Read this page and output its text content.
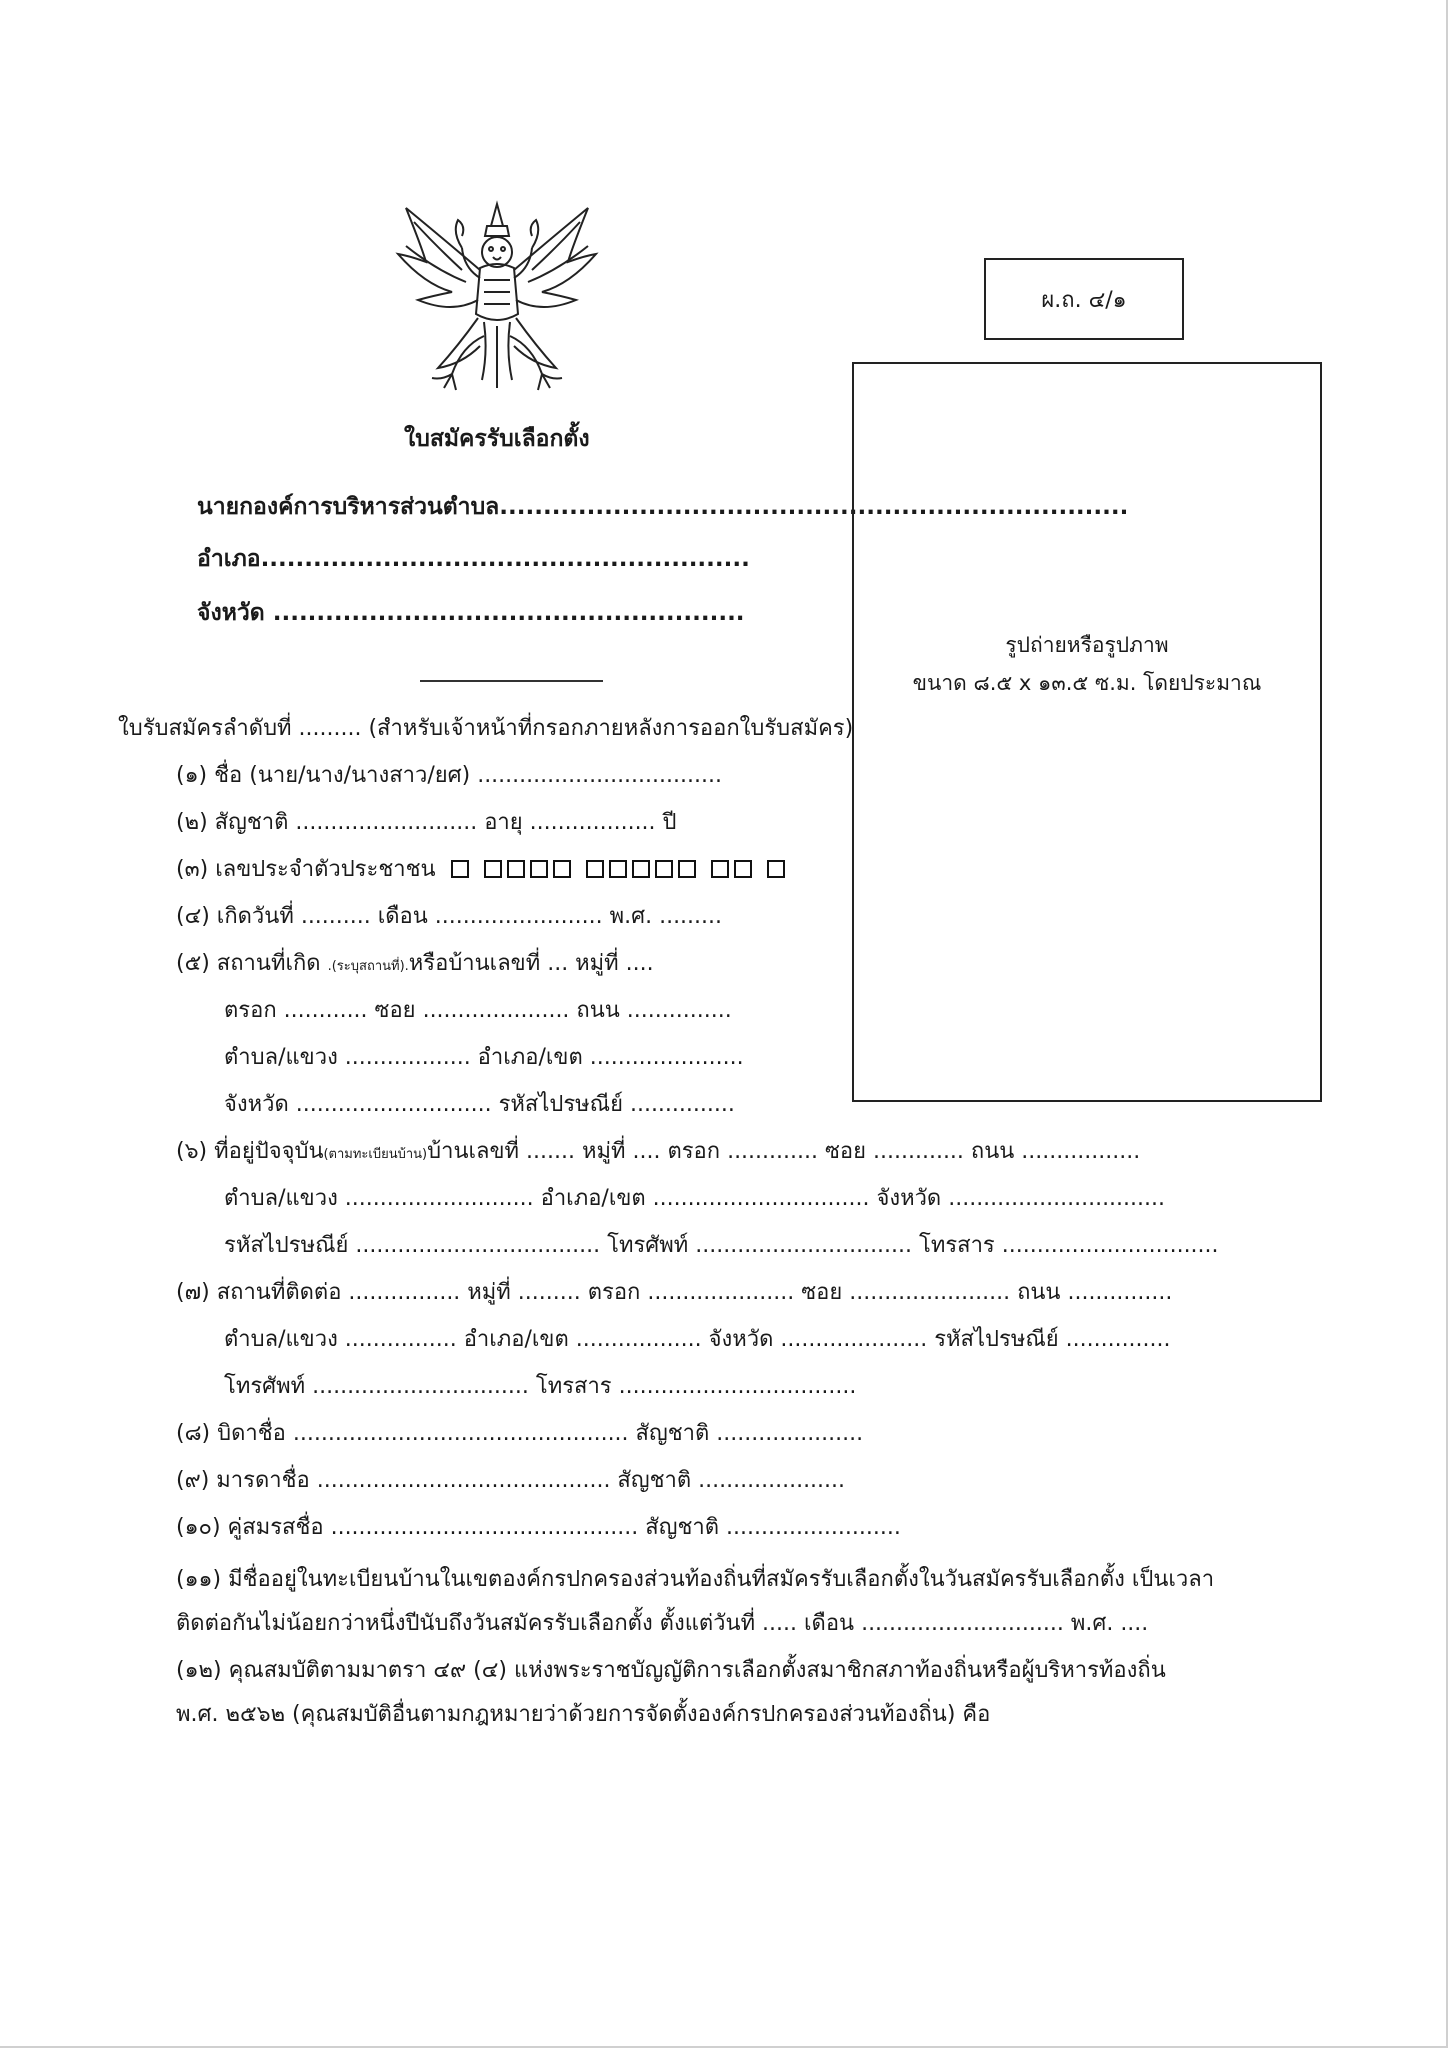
ผ.ถ. ๔/๑
ใบสมัครรับเลือกตั้ง
นายกองค์การบริหารส่วนตำบล........................................................................
อำเภอ........................................................
จังหวัด ......................................................
รูปถ่ายหรือรูปภาพ
ขนาด ๘.๕ x ๑๓.๕ ซ.ม. โดยประมาณ
ใบรับสมัครลำดับที่ ......... (สำหรับเจ้าหน้าที่กรอกภายหลังการออกใบรับสมัคร)
(๑) ชื่อ (นาย/นาง/นางสาว/ยศ) ...................................
(๒) สัญชาติ .......................... อายุ .................. ปี
(๓) เลขประจำตัวประชาชน
(๔) เกิดวันที่ .......... เดือน ........................ พ.ศ. .........
(๕) สถานที่เกิด .(ระบุสถานที่).หรือบ้านเลขที่ ... หมู่ที่ ....
ตรอก ............ ซอย ..................... ถนน ...............
ตำบล/แขวง .................. อำเภอ/เขต ......................
จังหวัด ............................ รหัสไปรษณีย์ ...............
(๖) ที่อยู่ปัจจุบัน(ตามทะเบียนบ้าน)บ้านเลขที่ ....... หมู่ที่ .... ตรอก ............. ซอย ............. ถนน .................
ตำบล/แขวง ........................... อำเภอ/เขต ............................... จังหวัด ...............................
รหัสไปรษณีย์ ................................... โทรศัพท์ ............................... โทรสาร ...............................
(๗) สถานที่ติดต่อ ................ หมู่ที่ ......... ตรอก ..................... ซอย ....................... ถนน ...............
ตำบล/แขวง ................ อำเภอ/เขต .................. จังหวัด ..................... รหัสไปรษณีย์ ...............
โทรศัพท์ ............................... โทรสาร ..................................
(๘) บิดาชื่อ ................................................ สัญชาติ .....................
(๙) มารดาชื่อ .......................................... สัญชาติ .....................
(๑๐) คู่สมรสชื่อ ............................................ สัญชาติ .........................
(๑๑) มีชื่ออยู่ในทะเบียนบ้านในเขตองค์กรปกครองส่วนท้องถิ่นที่สมัครรับเลือกตั้งในวันสมัครรับเลือกตั้ง เป็นเวลา
ติดต่อกันไม่น้อยกว่าหนึ่งปีนับถึงวันสมัครรับเลือกตั้ง ตั้งแต่วันที่ ..... เดือน ............................. พ.ศ. ....
(๑๒) คุณสมบัติตามมาตรา ๔๙ (๔) แห่งพระราชบัญญัติการเลือกตั้งสมาชิกสภาท้องถิ่นหรือผู้บริหารท้องถิ่น
พ.ศ. ๒๕๖๒ (คุณสมบัติอื่นตามกฎหมายว่าด้วยการจัดตั้งองค์กรปกครองส่วนท้องถิ่น) คือ
